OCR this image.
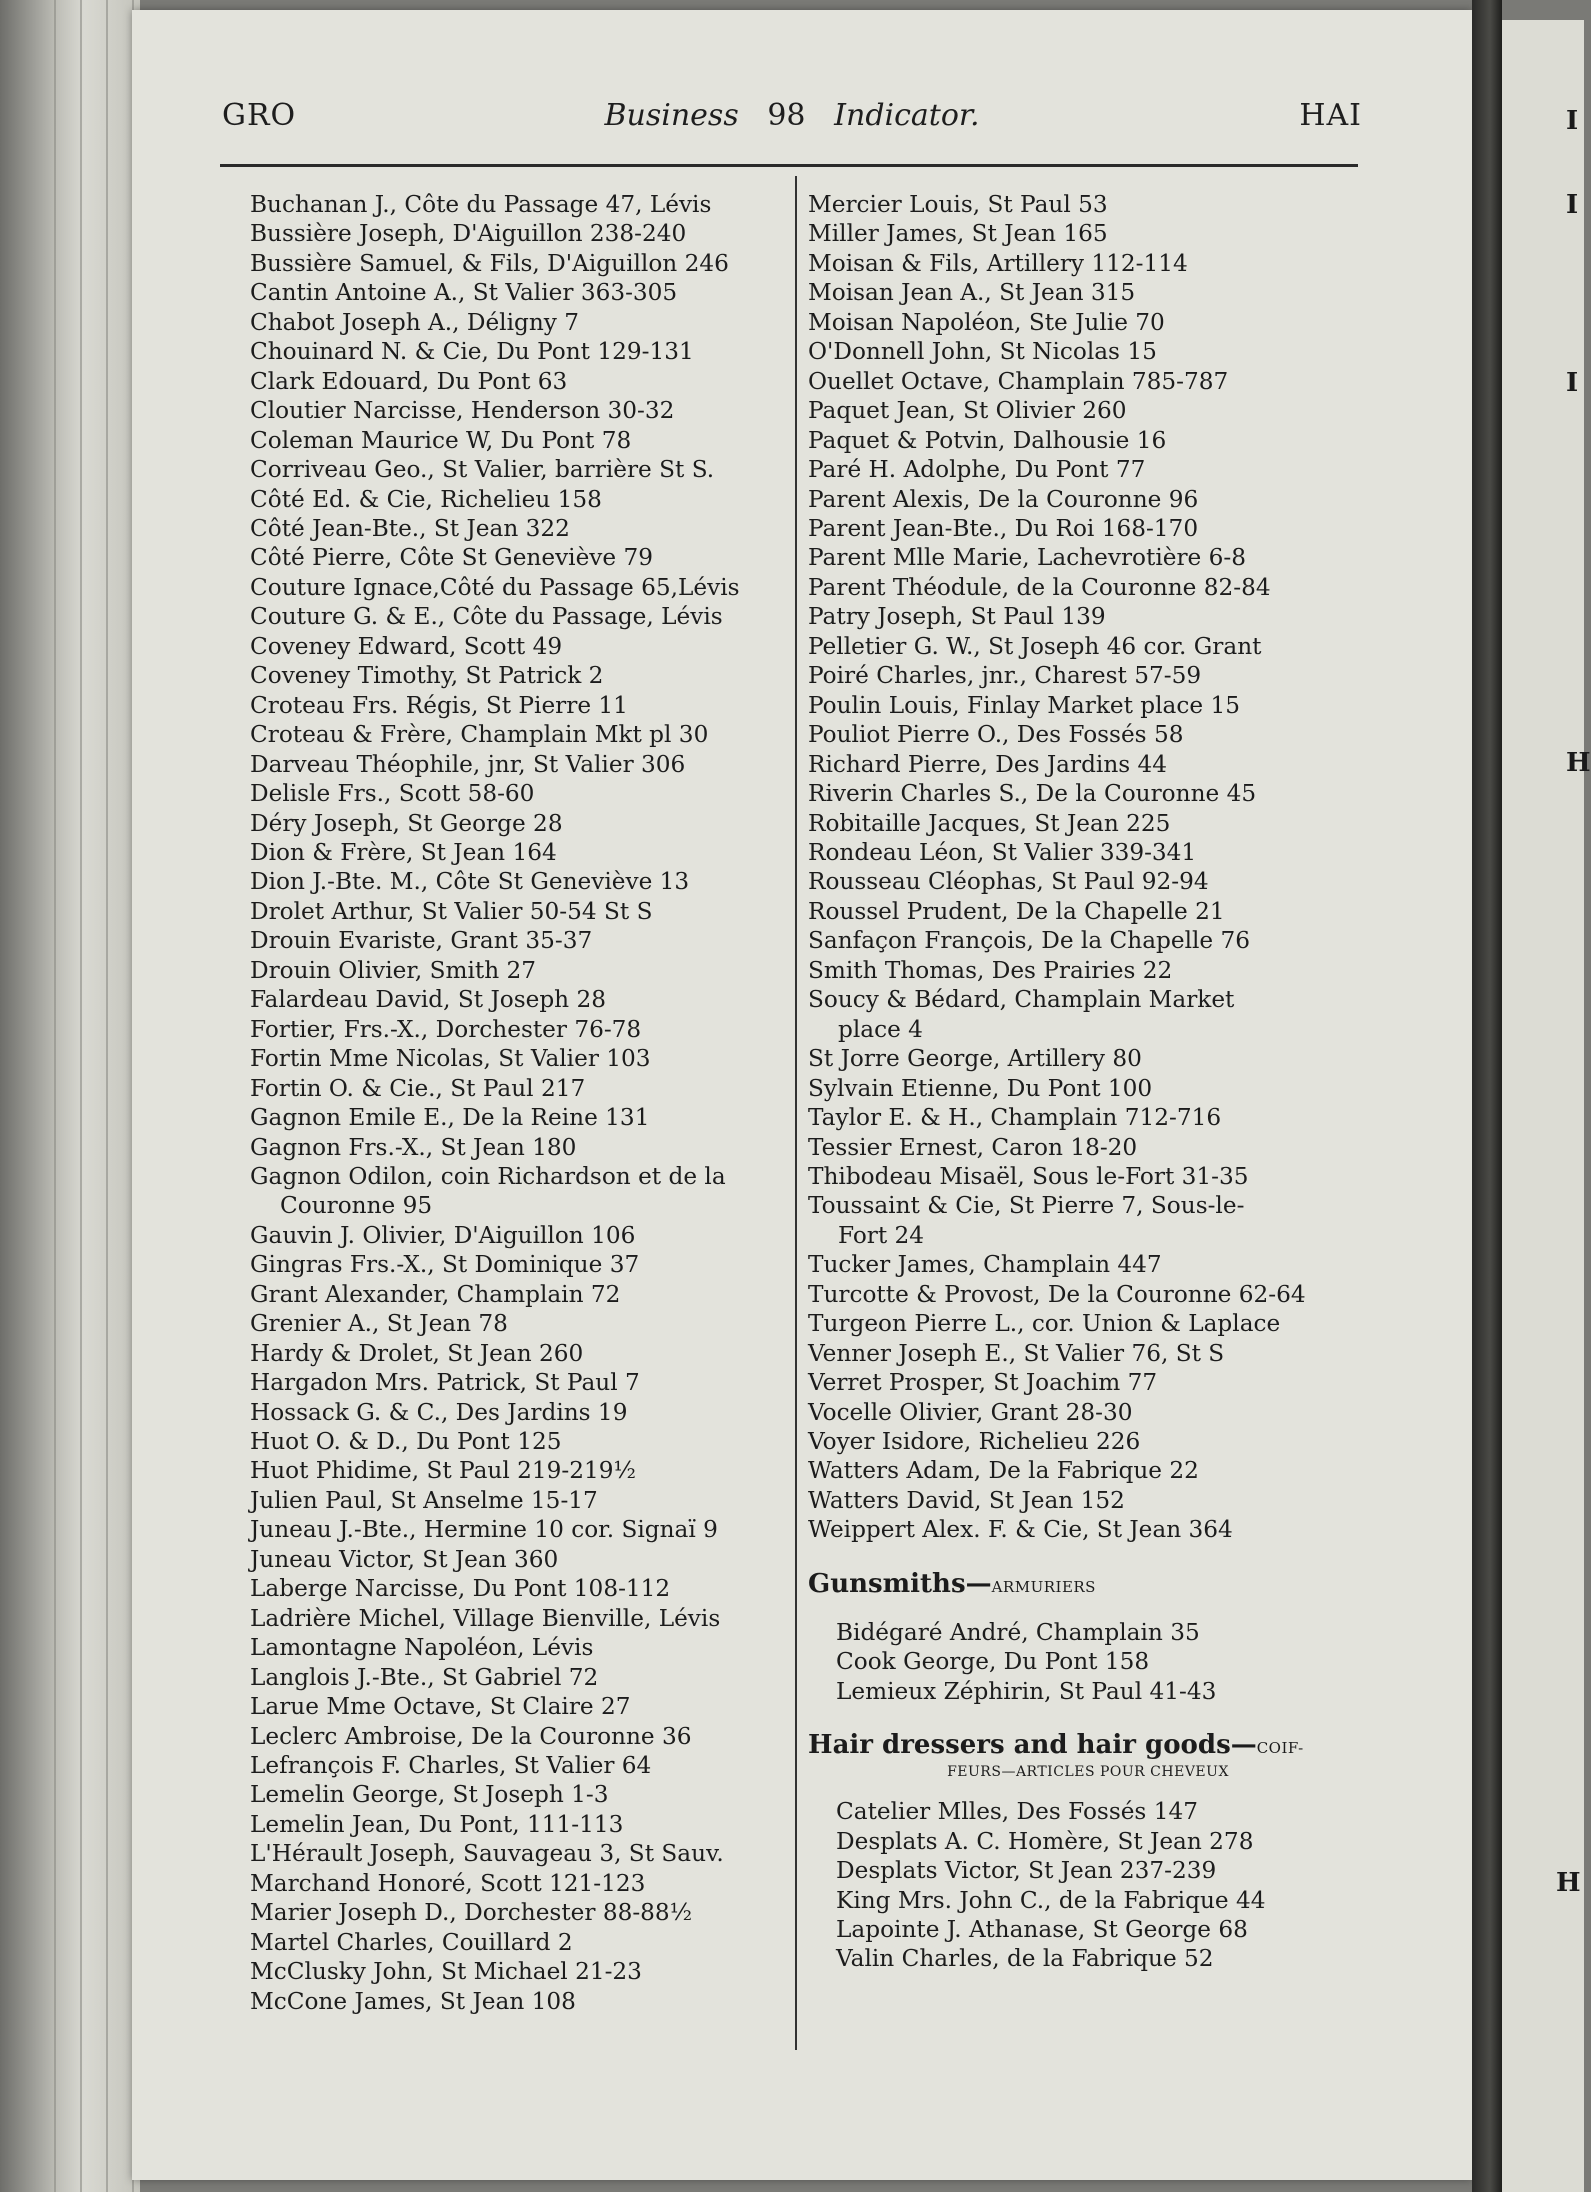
I
I
I
H
H
GRO	Business 98 Indicator.	HAI
Buchanan J., Côte du Passage 47, Lévis
Bussière Joseph, D'Aiguillon 238-240
Bussière Samuel, & Fils, D'Aiguillon 246
Cantin Antoine A., St Valier 363-305
Chabot Joseph A., Déligny 7
Chouinard N. & Cie, Du Pont 129-131
Clark Edouard, Du Pont 63
Cloutier Narcisse, Henderson 30-32
Coleman Maurice W, Du Pont 78
Corriveau Geo., St Valier, barrière St S.
Côté Ed. & Cie, Richelieu 158
Côté Jean-Bte., St Jean 322
Côté Pierre, Côte St Geneviève 79
Couture Ignace,Côté du Passage 65,Lévis
Couture G. & E., Côte du Passage, Lévis
Coveney Edward, Scott 49
Coveney Timothy, St Patrick 2
Croteau Frs. Régis, St Pierre 11
Croteau & Frère, Champlain Mkt pl 30
Darveau Théophile, jnr, St Valier 306
Delisle Frs., Scott 58-60
Déry Joseph, St George 28
Dion & Frère, St Jean 164
Dion J.-Bte. M., Côte St Geneviève 13
Drolet Arthur, St Valier 50-54 St S
Drouin Evariste, Grant 35-37
Drouin Olivier, Smith 27
Falardeau David, St Joseph 28
Fortier, Frs.-X., Dorchester 76-78
Fortin Mme Nicolas, St Valier 103
Fortin O. & Cie., St Paul 217
Gagnon Emile E., De la Reine 131
Gagnon Frs.-X., St Jean 180
Gagnon Odilon, coin Richardson et de la
Couronne 95
Gauvin J. Olivier, D'Aiguillon 106
Gingras Frs.-X., St Dominique 37
Grant Alexander, Champlain 72
Grenier A., St Jean 78
Hardy & Drolet, St Jean 260
Hargadon Mrs. Patrick, St Paul 7
Hossack G. & C., Des Jardins 19
Huot O. & D., Du Pont 125
Huot Phidime, St Paul 219-219½
Julien Paul, St Anselme 15-17
Juneau J.-Bte., Hermine 10 cor. Signaï 9
Juneau Victor, St Jean 360
Laberge Narcisse, Du Pont 108-112
Ladrière Michel, Village Bienville, Lévis
Lamontagne Napoléon, Lévis
Langlois J.-Bte., St Gabriel 72
Larue Mme Octave, St Claire 27
Leclerc Ambroise, De la Couronne 36
Lefrançois F. Charles, St Valier 64
Lemelin George, St Joseph 1-3
Lemelin Jean, Du Pont, 111-113
L'Hérault Joseph, Sauvageau 3, St Sauv.
Marchand Honoré, Scott 121-123
Marier Joseph D., Dorchester 88-88½
Martel Charles, Couillard 2
McClusky John, St Michael 21-23
McCone James, St Jean 108
Mercier Louis, St Paul 53
Miller James, St Jean 165
Moisan & Fils, Artillery 112-114
Moisan Jean A., St Jean 315
Moisan Napoléon, Ste Julie 70
O'Donnell John, St Nicolas 15
Ouellet Octave, Champlain 785-787
Paquet Jean, St Olivier 260
Paquet & Potvin, Dalhousie 16
Paré H. Adolphe, Du Pont 77
Parent Alexis, De la Couronne 96
Parent Jean-Bte., Du Roi 168-170
Parent Mlle Marie, Lachevrotière 6-8
Parent Théodule, de la Couronne 82-84
Patry Joseph, St Paul 139
Pelletier G. W., St Joseph 46 cor. Grant
Poiré Charles, jnr., Charest 57-59
Poulin Louis, Finlay Market place 15
Pouliot Pierre O., Des Fossés 58
Richard Pierre, Des Jardins 44
Riverin Charles S., De la Couronne 45
Robitaille Jacques, St Jean 225
Rondeau Léon, St Valier 339-341
Rousseau Cléophas, St Paul 92-94
Roussel Prudent, De la Chapelle 21
Sanfaçon François, De la Chapelle 76
Smith Thomas, Des Prairies 22
Soucy & Bédard, Champlain Market
place 4
St Jorre George, Artillery 80
Sylvain Etienne, Du Pont 100
Taylor E. & H., Champlain 712-716
Tessier Ernest, Caron 18-20
Thibodeau Misaël, Sous le-Fort 31-35
Toussaint & Cie, St Pierre 7, Sous-le-
Fort 24
Tucker James, Champlain 447
Turcotte & Provost, De la Couronne 62-64
Turgeon Pierre L., cor. Union & Laplace
Venner Joseph E., St Valier 76, St S
Verret Prosper, St Joachim 77
Vocelle Olivier, Grant 28-30
Voyer Isidore, Richelieu 226
Watters Adam, De la Fabrique 22
Watters David, St Jean 152
Weippert Alex. F. & Cie, St Jean 364
Gunsmiths—ARMURIERS
Bidégaré André, Champlain 35
Cook George, Du Pont 158
Lemieux Zéphirin, St Paul 41-43
Hair dressers and hair goods—COIF-
FEURS—ARTICLES POUR CHEVEUX
Catelier Mlles, Des Fossés 147
Desplats A. C. Homère, St Jean 278
Desplats Victor, St Jean 237-239
King Mrs. John C., de la Fabrique 44
Lapointe J. Athanase, St George 68
Valin Charles, de la Fabrique 52
